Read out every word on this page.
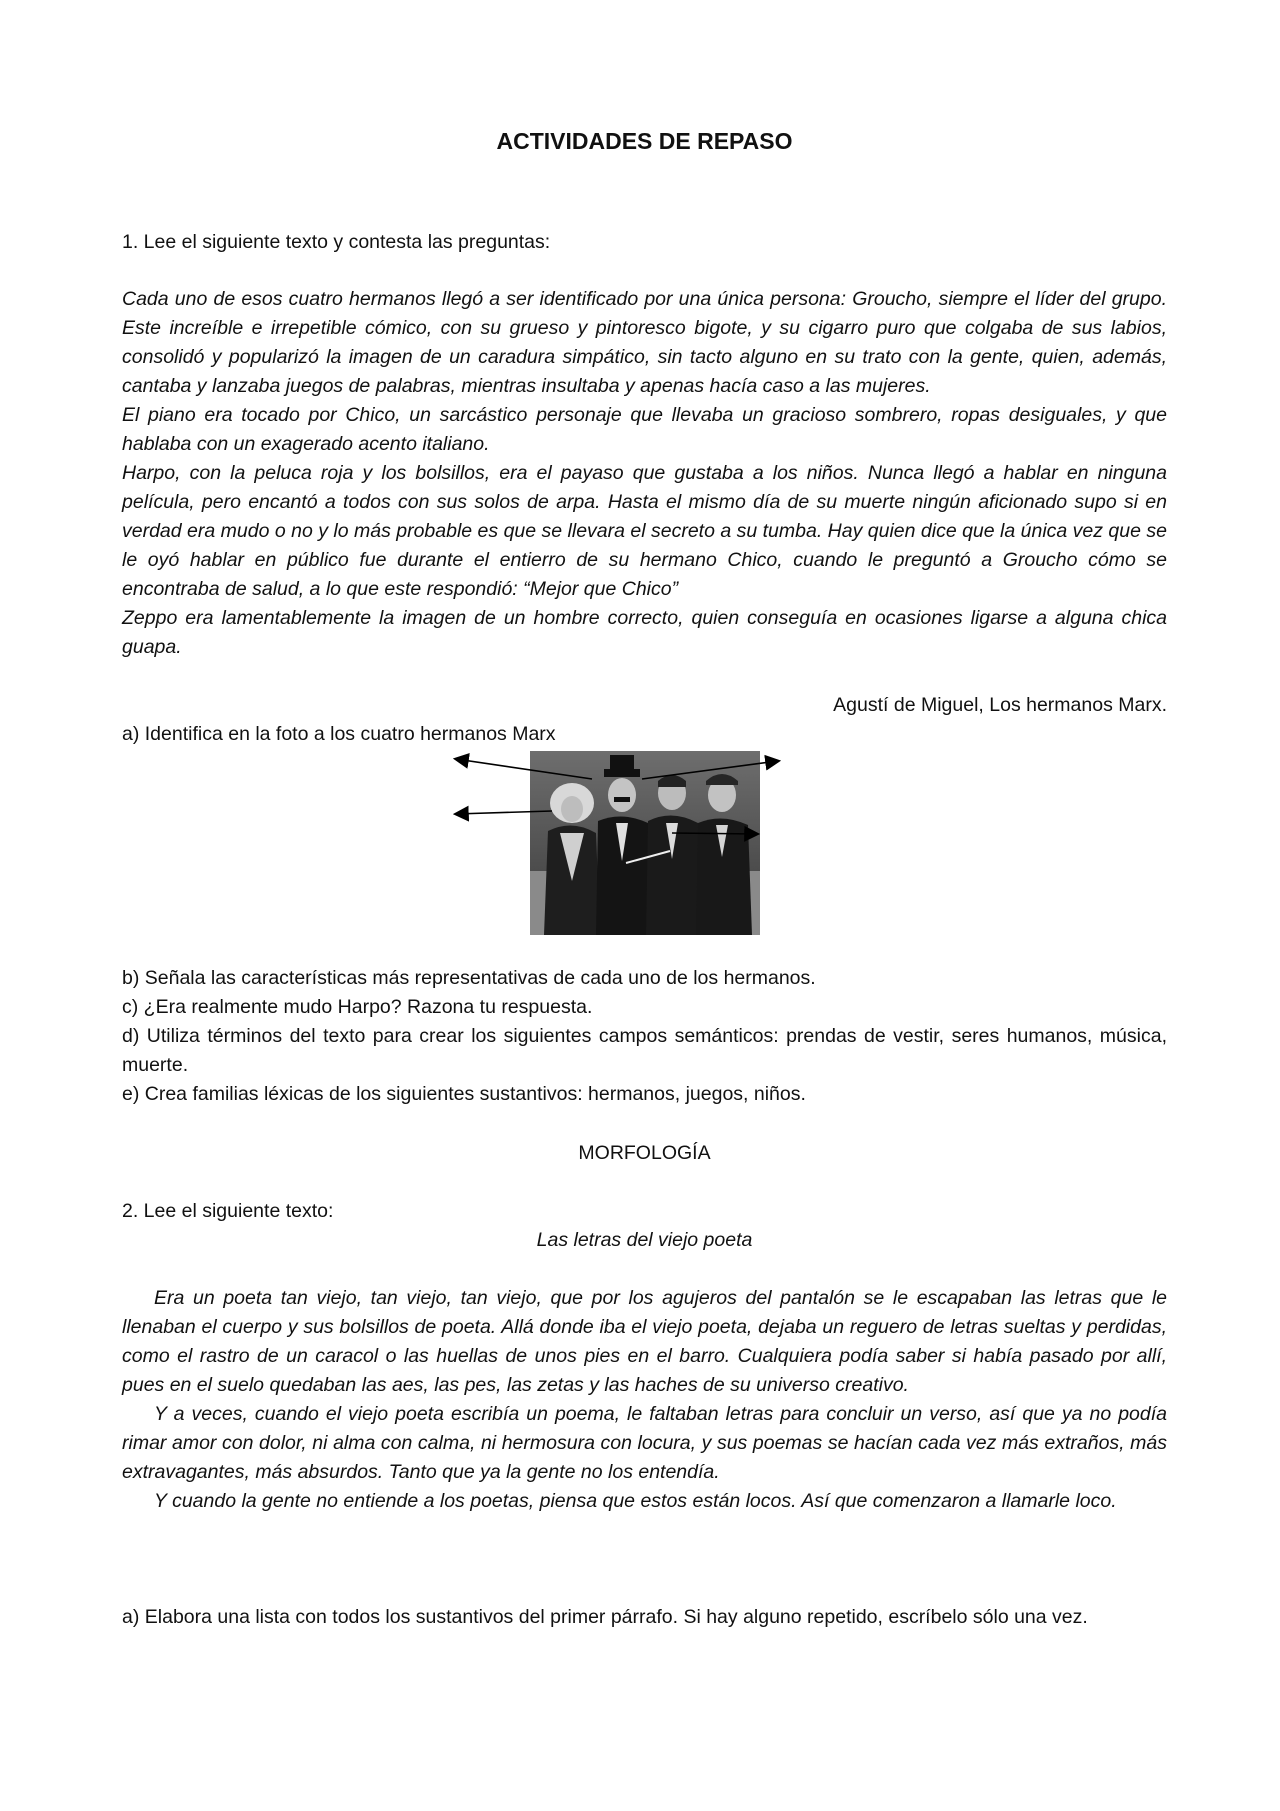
ACTIVIDADES DE REPASO
1. Lee el siguiente texto y contesta las preguntas:
Cada uno de esos cuatro hermanos llegó a ser identificado por una única persona: Groucho, siempre el líder del grupo. Este increíble e irrepetible cómico, con su grueso y pintoresco bigote, y su cigarro puro que colgaba de sus labios, consolidó y popularizó la imagen de un caradura simpático, sin tacto alguno en su trato con la gente, quien, además, cantaba y lanzaba juegos de palabras, mientras insultaba y apenas hacía caso a las mujeres.
El piano era tocado por Chico, un sarcástico personaje que llevaba un gracioso sombrero, ropas desiguales, y que hablaba con un exagerado acento italiano.
Harpo, con la peluca roja y los bolsillos, era el payaso que gustaba a los niños. Nunca llegó a hablar en ninguna película, pero encantó a todos con sus solos de arpa. Hasta el mismo día de su muerte ningún aficionado supo si en verdad era mudo o no y lo más probable es que se llevara el secreto a su tumba. Hay quien dice que la única vez que se le oyó hablar en público fue durante el entierro de su hermano Chico, cuando le preguntó a Groucho cómo se encontraba de salud, a lo que este respondió: “Mejor que Chico”
Zeppo era lamentablemente la imagen de un hombre correcto, quien conseguía en ocasiones ligarse a alguna chica guapa.
Agustí de Miguel, Los hermanos Marx.
a) Identifica en la foto a los cuatro hermanos Marx
b) Señala las características más representativas de cada uno de los hermanos.
c) ¿Era realmente mudo Harpo? Razona tu respuesta.
d) Utiliza términos del texto para crear los siguientes campos semánticos: prendas de vestir, seres humanos, música, muerte.
e) Crea familias léxicas de los siguientes sustantivos: hermanos, juegos, niños.
MORFOLOGÍA
2. Lee el siguiente texto:
Las letras del viejo poeta
Era un poeta tan viejo, tan viejo, tan viejo, que por los agujeros del pantalón se le escapaban las letras que le llenaban el cuerpo y sus bolsillos de poeta. Allá donde iba el viejo poeta, dejaba un reguero de letras sueltas y perdidas, como el rastro de un caracol o las huellas de unos pies en el barro. Cualquiera podía saber si había pasado por allí, pues en el suelo quedaban las aes, las pes, las zetas y las haches de su universo creativo.
Y a veces, cuando el viejo poeta escribía un poema, le faltaban letras para concluir un verso, así que ya no podía rimar amor con dolor, ni alma con calma, ni hermosura con locura, y sus poemas se hacían cada vez más extraños, más extravagantes, más absurdos. Tanto que ya la gente no los entendía.
Y cuando la gente no entiende a los poetas, piensa que estos están locos. Así que comenzaron a llamarle loco.
a) Elabora una lista con todos los sustantivos del primer párrafo. Si hay alguno repetido, escríbelo sólo una vez.
